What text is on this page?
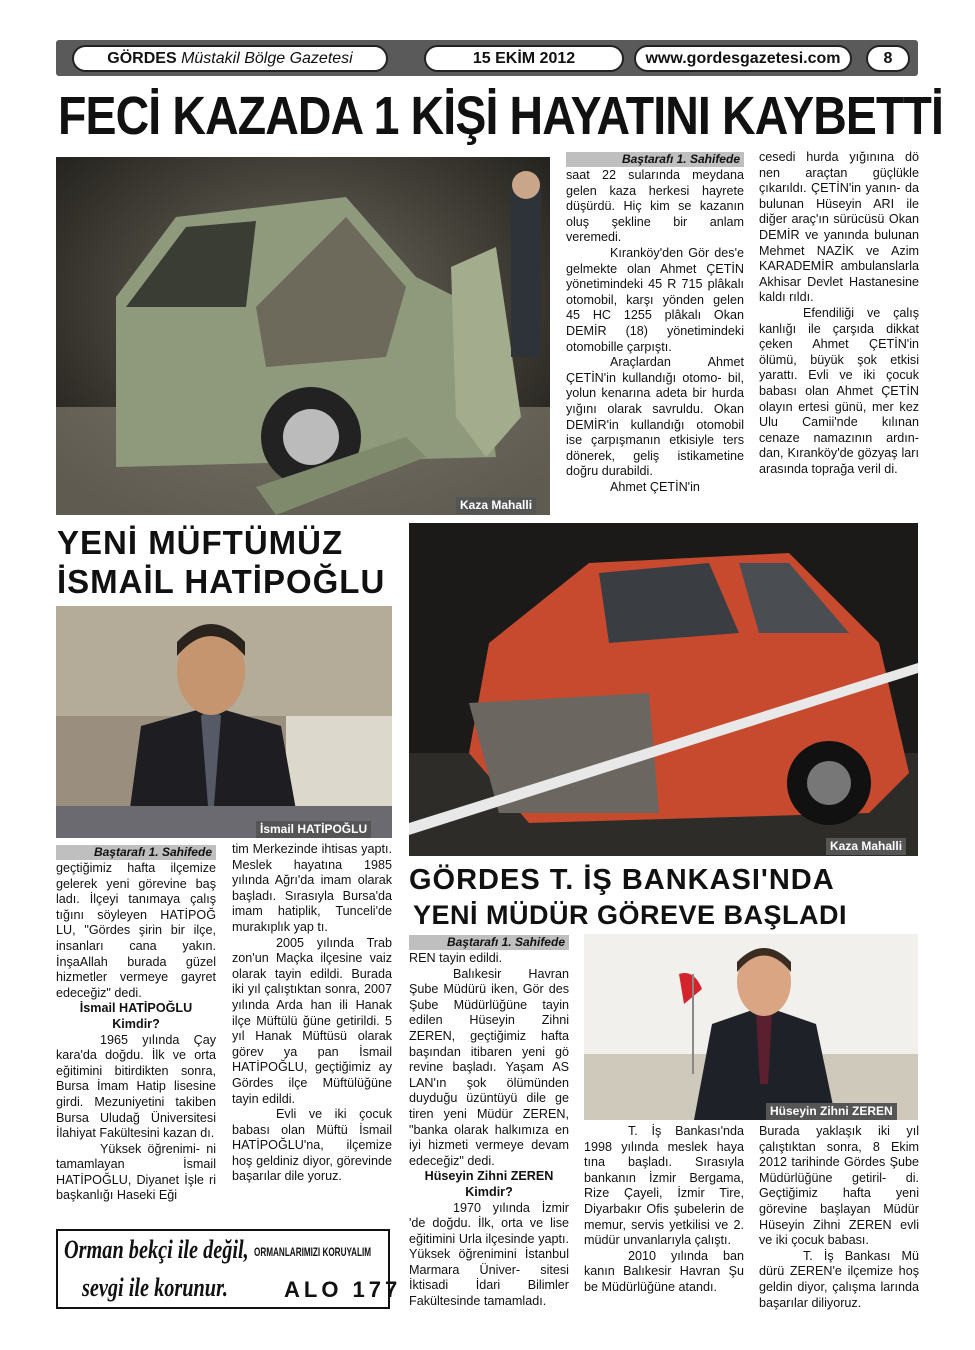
GÖRDES Müstakil Bölge Gazetesi	15 EKİM 2012	www.gordesgazetesi.com	8
FECİ KAZADA 1 KİŞİ HAYATINI KAYBETTİ
Kaza Mahalli
Baştarafı 1. Sahifede

saat 22 sularında meydana gelen kaza herkesi hayrete düşürdü. Hiç kim se kazanın oluş şekline bir anlam veremedi.

Kıranköy'den Gör des'e gelmekte olan Ahmet ÇETİN yönetimindeki 45 R 715 plâkalı otomobil, karşı yönden gelen 45 HC 1255 plâkalı Okan DEMİR (18) yönetimindeki otomobille çarpıştı.

Araçlardan Ahmet ÇETİN'in kullandığı otomo- bil, yolun kenarına adeta bir hurda yığını olarak savruldu. Okan DEMİR'in kullandığı otomobil ise çarpışmanın etkisiyle ters dönerek, geliş istikametine doğru durabildi.

Ahmet ÇETİN'in

cesedi hurda yığınına dö nen araçtan güçlükle çıkarıldı. ÇETİN'in yanın- da bulunan Hüseyin ARI ile diğer araç'ın sürücüsü Okan DEMİR ve yanında bulunan Mehmet NAZİK ve Azim KARADEMİR ambulanslarla Akhisar Devlet Hastanesine kaldı rıldı.

Efendiliği ve çalış kanlığı ile çarşıda dikkat çeken Ahmet ÇETİN'in ölümü, büyük şok etkisi yarattı. Evli ve iki çocuk babası olan Ahmet ÇETİN olayın ertesi günü, mer kez Ulu Camii'nde kılınan cenaze namazının ardın- dan, Kıranköy'de gözyaş ları arasında toprağa veril di.

YENİ MÜFTÜMÜZ
İSMAİL HATİPOĞLU
Kaza Mahalli
İsmail HATİPOĞLU
Baştarafı 1. Sahifede

geçtiğimiz hafta ilçemize gelerek yeni görevine baş ladı. İlçeyi tanımaya çalış tığını söyleyen HATİPOĞ LU, "Gördes şirin bir ilçe, insanları cana yakın. İnşaAllah burada güzel hizmetler vermeye gayret edeceğiz" dedi.

İsmail HATİPOĞLU

Kimdir?

1965 yılında Çay kara'da doğdu. İlk ve orta eğitimini bitirdikten sonra, Bursa İmam Hatip lisesine girdi. Mezuniyetini takiben Bursa Uludağ Üniversitesi İlahiyat Fakültesini kazan dı.

Yüksek öğrenimi- ni tamamlayan İsmail HATİPOĞLU, Diyanet İşle ri başkanlığı Haseki Eği

tim Merkezinde ihtisas yaptı. Meslek hayatına 1985 yılında Ağrı'da imam olarak başladı. Sırasıyla Bursa'da imam hatiplik, Tunceli'de murakıplık yap tı.

2005 yılında Trab zon'un Maçka ilçesine vaiz olarak tayin edildi. Burada iki yıl çalıştıktan sonra, 2007 yılında Arda han ili Hanak ilçe Müftülü ğüne getirildi. 5 yıl Hanak Müftüsü olarak görev ya pan İsmail HATİPOĞLU, geçtiğimiz ay Gördes ilçe Müftülüğüne tayin edildi.

Evli ve iki çocuk babası olan Müftü İsmail HATİPOĞLU'na, ilçemize hoş geldiniz diyor, görevinde başarılar dile yoruz.

Orman bekçi ile değil, ORMANLARIMIZI KORUYALIM
sevgi ile korunur.	ALO 177
GÖRDES T. İŞ BANKASI'NDA
YENİ MÜDÜR GÖREVE BAŞLADI
Hüseyin Zihni ZEREN
Baştarafı 1. Sahifede

REN tayin edildi.

Balıkesir Havran Şube Müdürü iken, Gör des Şube Müdürlüğüne tayin edilen Hüseyin Zihni ZEREN, geçtiğimiz hafta başından itibaren yeni gö revine başladı. Yaşam AS LAN'ın şok ölümünden duyduğu üzüntüyü dile ge tiren yeni Müdür ZEREN, "banka olarak halkımıza en iyi hizmeti vermeye devam edeceğiz" dedi.

Hüseyin Zihni ZEREN

Kimdir?

1970 yılında İzmir 'de doğdu. İlk, orta ve lise eğitimini Urla ilçesinde yaptı. Yüksek öğrenimini İstanbul Marmara Üniver- sitesi İktisadi İdari Bilimler Fakültesinde tamamladı.

T. İş Bankası'nda 1998 yılında meslek haya tına başladı. Sırasıyla bankanın İzmir Bergama, Rize Çayeli, İzmir Tire, Diyarbakır Ofis şubelerin de memur, servis yetkilisi ve 2. müdür unvanlarıyla çalıştı.

2010 yılında ban kanın Balıkesir Havran Şu be Müdürlüğüne atandı.

Burada yaklaşık iki yıl çalıştıktan sonra, 8 Ekim 2012 tarihinde Gördes Şube Müdürlüğüne getiril- di. Geçtiğimiz hafta yeni görevine başlayan Müdür Hüseyin Zihni ZEREN evli ve iki çocuk babası.

T. İş Bankası Mü dürü ZEREN'e ilçemize hoş geldin diyor, çalışma larında başarılar diliyoruz.
